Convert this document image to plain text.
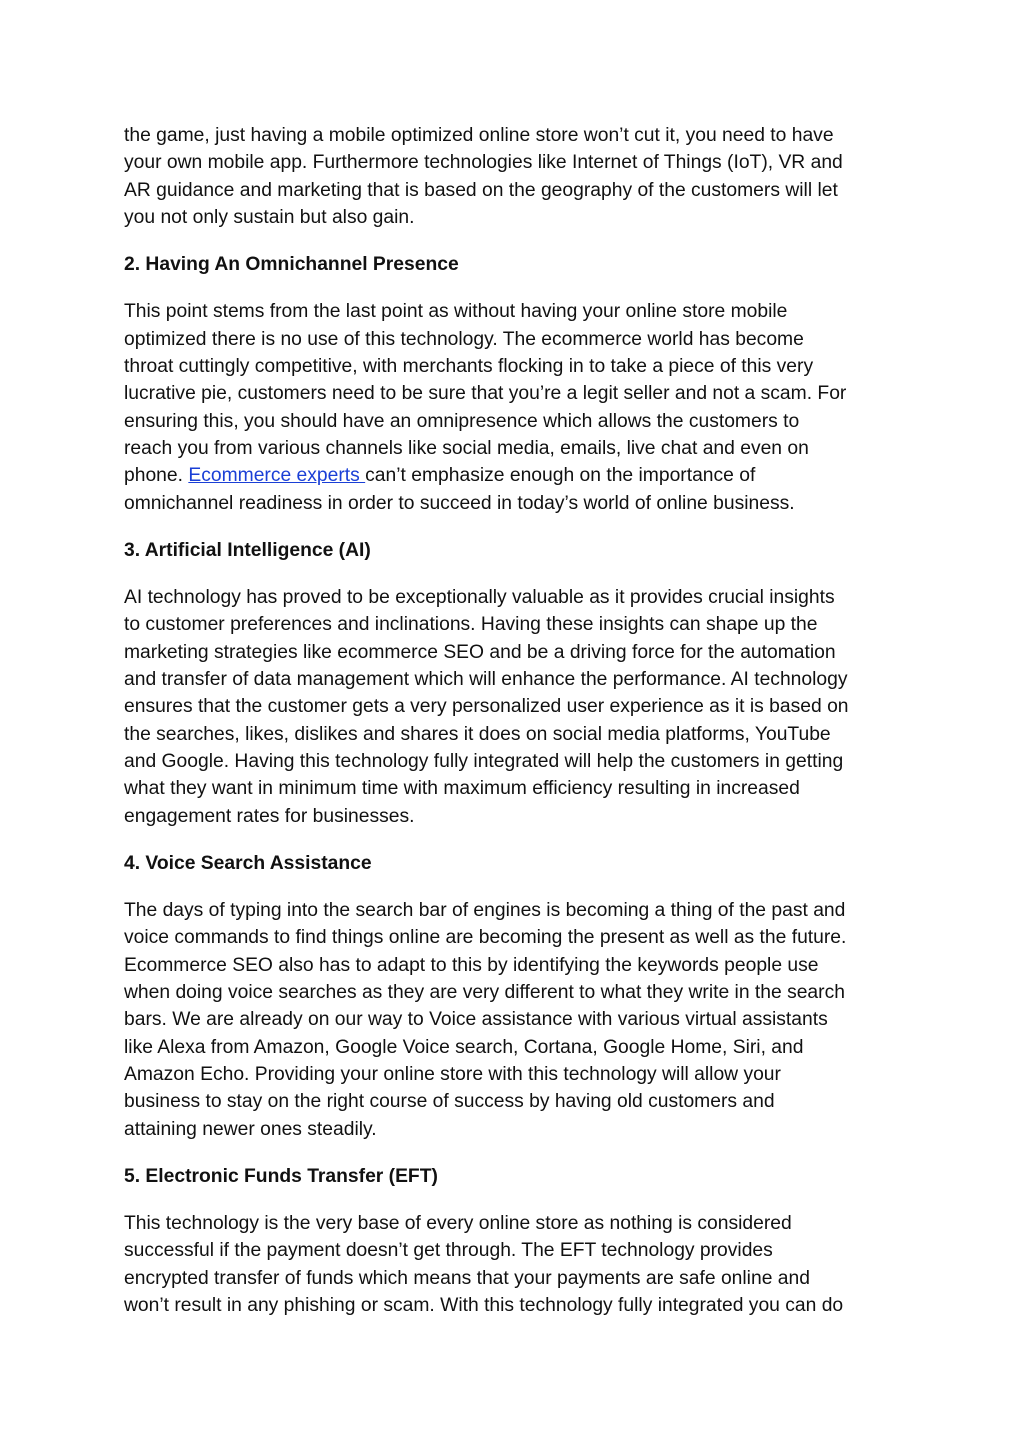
the game, just having a mobile optimized online store won’t cut it, you need to have
your own mobile app. Furthermore technologies like Internet of Things (IoT), VR and
AR guidance and marketing that is based on the geography of the customers will let
you not only sustain but also gain.

2. Having An Omnichannel Presence

This point stems from the last point as without having your online store mobile
optimized there is no use of this technology. The ecommerce world has become
throat cuttingly competitive, with merchants flocking in to take a piece of this very
lucrative pie, customers need to be sure that you’re a legit seller and not a scam. For
ensuring this, you should have an omnipresence which allows the customers to
reach you from various channels like social media, emails, live chat and even on
phone. Ecommerce experts can’t emphasize enough on the importance of
omnichannel readiness in order to succeed in today’s world of online business.

3. Artificial Intelligence (AI)

AI technology has proved to be exceptionally valuable as it provides crucial insights
to customer preferences and inclinations. Having these insights can shape up the
marketing strategies like ecommerce SEO and be a driving force for the automation
and transfer of data management which will enhance the performance. AI technology
ensures that the customer gets a very personalized user experience as it is based on
the searches, likes, dislikes and shares it does on social media platforms, YouTube
and Google. Having this technology fully integrated will help the customers in getting
what they want in minimum time with maximum efficiency resulting in increased
engagement rates for businesses.

4. Voice Search Assistance

The days of typing into the search bar of engines is becoming a thing of the past and
voice commands to find things online are becoming the present as well as the future.
Ecommerce SEO also has to adapt to this by identifying the keywords people use
when doing voice searches as they are very different to what they write in the search
bars. We are already on our way to Voice assistance with various virtual assistants
like Alexa from Amazon, Google Voice search, Cortana, Google Home, Siri, and
Amazon Echo. Providing your online store with this technology will allow your
business to stay on the right course of success by having old customers and
attaining newer ones steadily.

5. Electronic Funds Transfer (EFT)

This technology is the very base of every online store as nothing is considered
successful if the payment doesn’t get through. The EFT technology provides
encrypted transfer of funds which means that your payments are safe online and
won’t result in any phishing or scam. With this technology fully integrated you can do
